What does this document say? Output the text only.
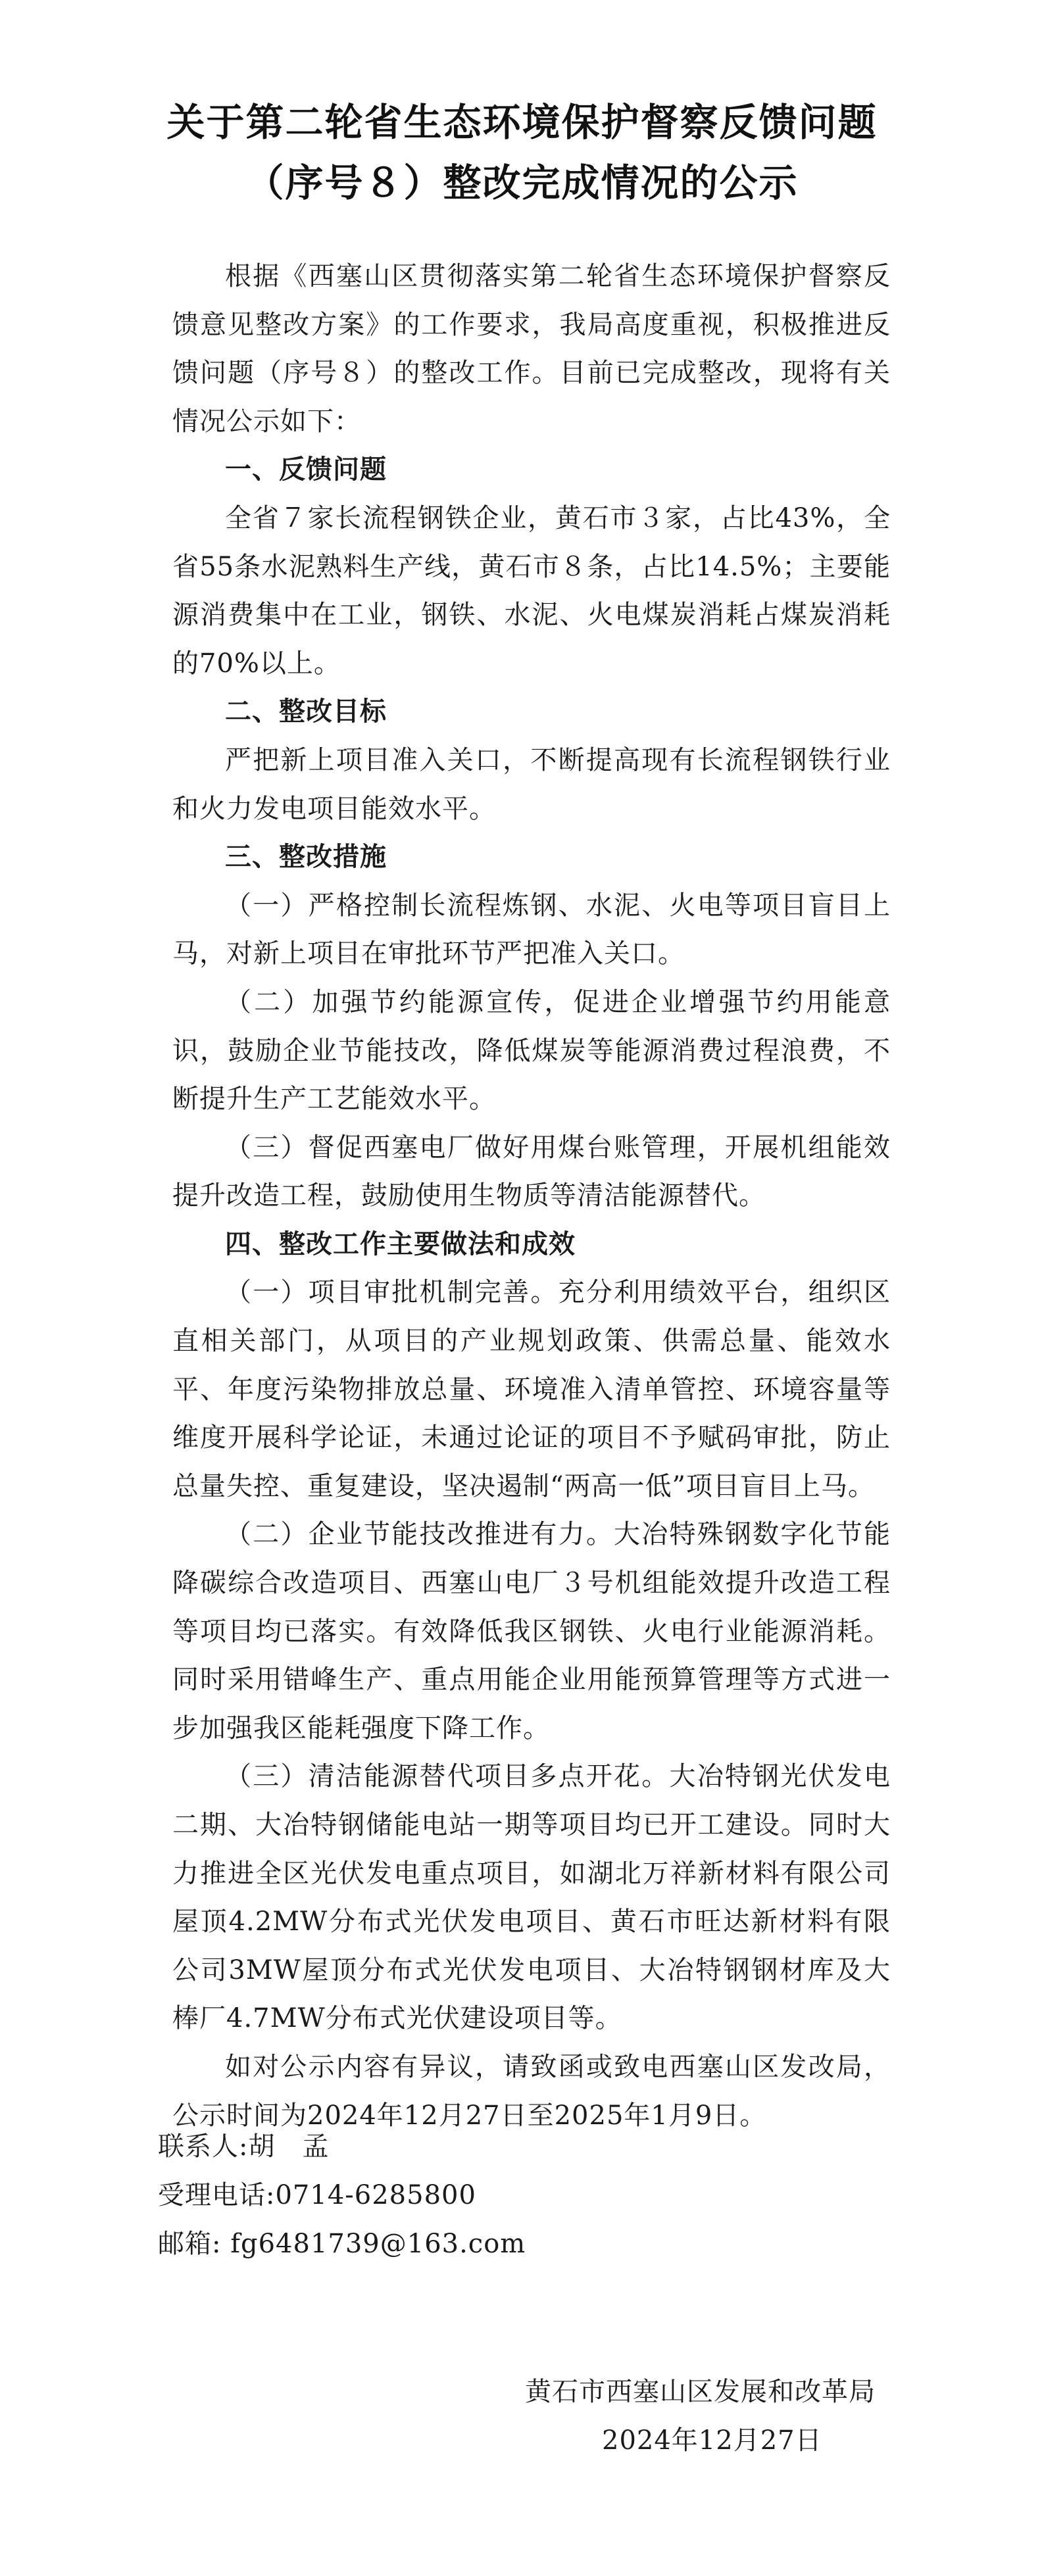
关于第二轮省生态环境保护督察反馈问题
（序号８）整改完成情况的公示

根据《西塞山区贯彻落实第二轮省生态环境保护督察反馈意见整改方案》的工作要求，我局高度重视，积极推进反馈问题（序号８）的整改工作。目前已完成整改，现将有关情况公示如下：

一、反馈问题

全省７家长流程钢铁企业，黄石市３家，占比43%，全省55条水泥熟料生产线，黄石市８条，占比14.5%；主要能源消费集中在工业，钢铁、水泥、火电煤炭消耗占煤炭消耗的70%以上。

二、整改目标

严把新上项目准入关口，不断提高现有长流程钢铁行业和火力发电项目能效水平。

三、整改措施

（一）严格控制长流程炼钢、水泥、火电等项目盲目上马，对新上项目在审批环节严把准入关口。

（二）加强节约能源宣传，促进企业增强节约用能意识，鼓励企业节能技改，降低煤炭等能源消费过程浪费，不断提升生产工艺能效水平。

（三）督促西塞电厂做好用煤台账管理，开展机组能效提升改造工程，鼓励使用生物质等清洁能源替代。

四、整改工作主要做法和成效

（一）项目审批机制完善。充分利用绩效平台，组织区直相关部门，从项目的产业规划政策、供需总量、能效水平、年度污染物排放总量、环境准入清单管控、环境容量等维度开展科学论证，未通过论证的项目不予赋码审批，防止总量失控、重复建设，坚决遏制“两高一低”项目盲目上马。

（二）企业节能技改推进有力。大冶特殊钢数字化节能降碳综合改造项目、西塞山电厂３号机组能效提升改造工程等项目均已落实。有效降低我区钢铁、火电行业能源消耗。同时采用错峰生产、重点用能企业用能预算管理等方式进一步加强我区能耗强度下降工作。

（三）清洁能源替代项目多点开花。大冶特钢光伏发电二期、大冶特钢储能电站一期等项目均已开工建设。同时大力推进全区光伏发电重点项目，如湖北万祥新材料有限公司屋顶4.2MW分布式光伏发电项目、黄石市旺达新材料有限公司3MW屋顶分布式光伏发电项目、大冶特钢钢材库及大棒厂4.7MW分布式光伏建设项目等。

如对公示内容有异议，请致函或致电西塞山区发改局，公示时间为2024年12月27日至2025年1月9日。

联系人:胡　孟
受理电话:0714-6285800
邮箱: fg6481739@163.com
黄石市西塞山区发展和改革局
2024年12月27日
